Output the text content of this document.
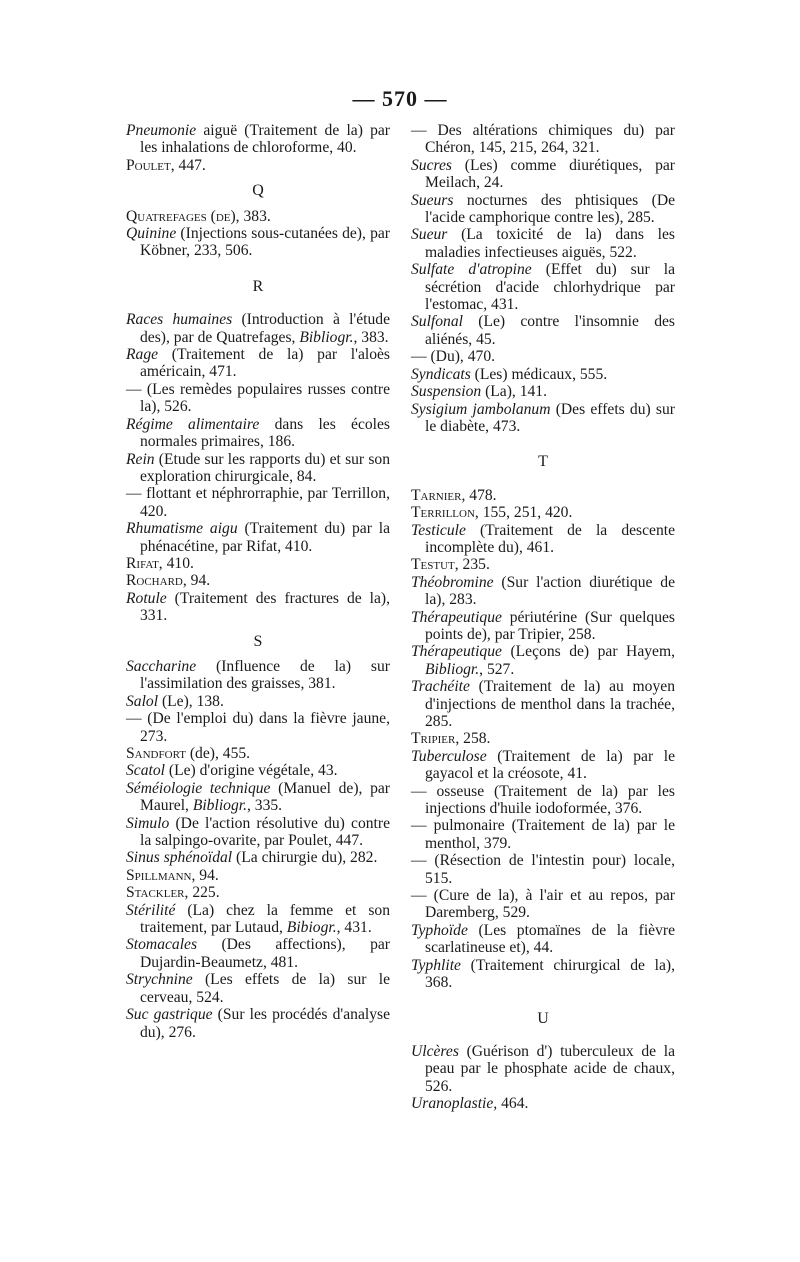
— 570 —

Pneumonie aiguë (Traitement de la) par les inhalations de chloroforme, 40.

Poulet, 447.

Q

Quatrefages (de), 383.

Quinine (Injections sous-cutanées de), par Köbner, 233, 506.

R

Races humaines (Introduction à l'étude des), par de Quatrefages, Bibliogr., 383.

Rage (Traitement de la) par l'aloès américain, 471.

— (Les remèdes populaires russes contre la), 526.

Régime alimentaire dans les écoles normales primaires, 186.

Rein (Etude sur les rapports du) et sur son exploration chirurgicale, 84.

— flottant et néphrorraphie, par Terrillon, 420.

Rhumatisme aigu (Traitement du) par la phénacétine, par Rifat, 410.

Rifat, 410.

Rochard, 94.

Rotule (Traitement des fractures de la), 331.

S

Saccharine (Influence de la) sur l'assimilation des graisses, 381.

Salol (Le), 138.

— (De l'emploi du) dans la fièvre jaune, 273.

Sandfort (de), 455.

Scatol (Le) d'origine végétale, 43.

Séméiologie technique (Manuel de), par Maurel, Bibliogr., 335.

Simulo (De l'action résolutive du) contre la salpingo-ovarite, par Poulet, 447.

Sinus sphénoïdal (La chirurgie du), 282.

Spillmann, 94.

Stackler, 225.

Stérilité (La) chez la femme et son traitement, par Lutaud, Bibiogr., 431.

Stomacales (Des affections), par Dujardin-Beaumetz, 481.

Strychnine (Les effets de la) sur le cerveau, 524.

Suc gastrique (Sur les procédés d'analyse du), 276.

— Des altérations chimiques du) par Chéron, 145, 215, 264, 321.

Sucres (Les) comme diurétiques, par Meilach, 24.

Sueurs nocturnes des phtisiques (De l'acide camphorique contre les), 285.

Sueur (La toxicité de la) dans les maladies infectieuses aiguës, 522.

Sulfate d'atropine (Effet du) sur la sécrétion d'acide chlorhydrique par l'estomac, 431.

Sulfonal (Le) contre l'insomnie des aliénés, 45.

— (Du), 470.

Syndicats (Les) médicaux, 555.

Suspension (La), 141.

Sysigium jambolanum (Des effets du) sur le diabète, 473.

T

Tarnier, 478.

Terrillon, 155, 251, 420.

Testicule (Traitement de la descente incomplète du), 461.

Testut, 235.

Théobromine (Sur l'action diurétique de la), 283.

Thérapeutique périutérine (Sur quelques points de), par Tripier, 258.

Thérapeutique (Leçons de) par Hayem, Bibliogr., 527.

Trachéite (Traitement de la) au moyen d'injections de menthol dans la trachée, 285.

Tripier, 258.

Tuberculose (Traitement de la) par le gayacol et la créosote, 41.

— osseuse (Traitement de la) par les injections d'huile iodoformée, 376.

— pulmonaire (Traitement de la) par le menthol, 379.

— (Résection de l'intestin pour) locale, 515.

— (Cure de la), à l'air et au repos, par Daremberg, 529.

Typhoïde (Les ptomaïnes de la fièvre scarlatineuse et), 44.

Typhlite (Traitement chirurgical de la), 368.

U

Ulcères (Guérison d') tuberculeux de la peau par le phosphate acide de chaux, 526.

Uranoplastie, 464.
